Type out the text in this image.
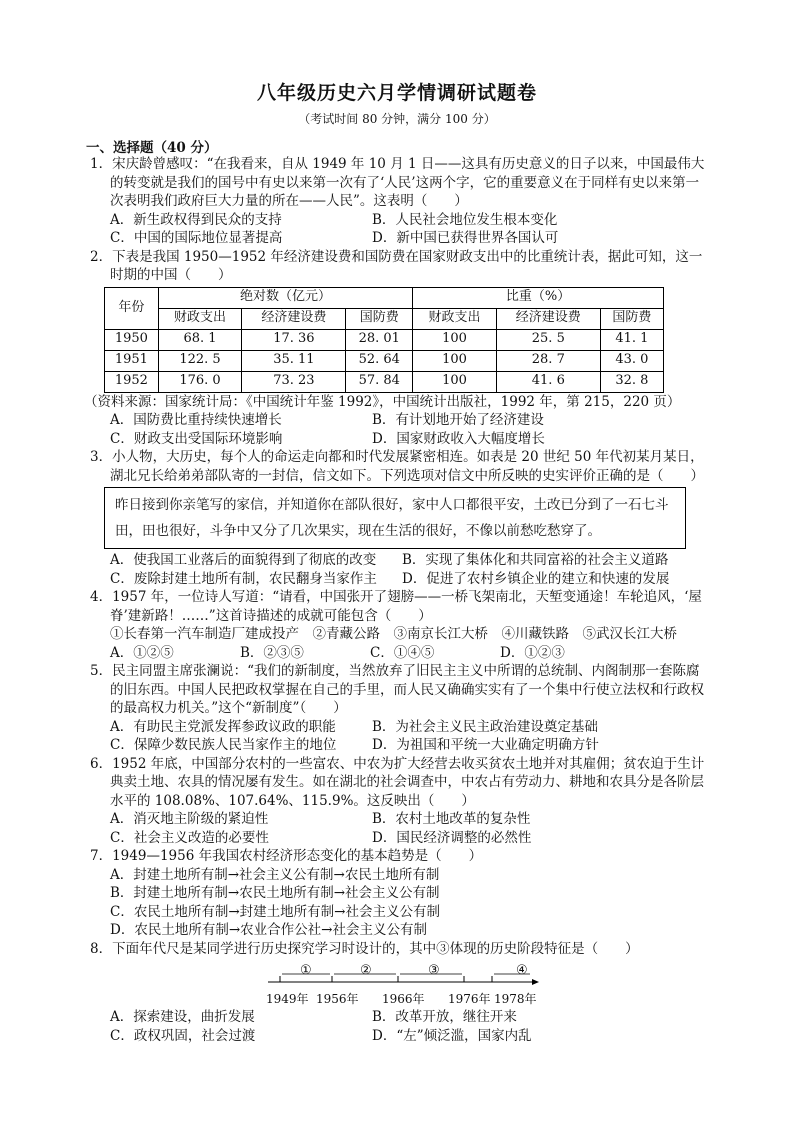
八年级历史六月学情调研试题卷
（考试时间 80 分钟，满分 100 分）
一、选择题（40 分）
1．宋庆龄曾感叹：“在我看来，自从 1949 年 10 月 1 日——这具有历史意义的日子以来，中国最伟大的转变就是我们的国号中有史以来第一次有了‘人民’这两个字，它的重要意义在于同样有史以来第一次表明我们政府巨大力量的所在——人民”。这表明（　　）
A．新生政权得到民众的支持	B．人民社会地位发生根本变化
C．中国的国际地位显著提高	D．新中国已获得世界各国认可
2．下表是我国 1950—1952 年经济建设费和国防费在国家财政支出中的比重统计表，据此可知，这一时期的中国（　　）
年份	绝对数（亿元）			比重（%）		
	财政支出	经济建设费	国防费	财政支出	经济建设费	国防费
1950	68. 1	17. 36	28. 01	100	25. 5	41. 1
1951	122. 5	35. 11	52. 64	100	28. 7	43. 0
1952	176. 0	73. 23	57. 84	100	41. 6	32. 8
（资料来源：国家统计局：《中国统计年鉴 1992》，中国统计出版社，1992 年，第 215，220 页）
A．国防费比重持续快速增长	B．有计划地开始了经济建设
C．财政支出受国际环境影响	D．国家财政收入大幅度增长
3．小人物，大历史，每个人的命运走向都和时代发展紧密相连。如表是 20 世纪 50 年代初某月某日，湖北兄长给弟弟部队寄的一封信，信文如下。下列选项对信文中所反映的史实评价正确的是（　　）
昨日接到你亲笔写的家信，并知道你在部队很好，家中人口都很平安，土改已分到了一石七斗田，田也很好，斗争中又分了几次果实，现在生活的很好，不像以前愁吃愁穿了。
A．使我国工业落后的面貌得到了彻底的改变	B．实现了集体化和共同富裕的社会主义道路
C．废除封建土地所有制，农民翻身当家作主	D．促进了农村乡镇企业的建立和快速的发展
4．1957 年，一位诗人写道：“请看，中国张开了翅膀——一桥飞架南北，天堑变通途！车轮追风，‘屋脊’建新路！……”这首诗描述的成就可能包含（　　）
①长春第一汽车制造厂建成投产　②青藏公路　③南京长江大桥　④川藏铁路　⑤武汉长江大桥
A．①②⑤	B．②③⑤	C．①④⑤	D．①②③
5．民主同盟主席张澜说：“我们的新制度，当然放弃了旧民主主义中所谓的总统制、内阁制那一套陈腐的旧东西。中国人民把政权掌握在自己的手里，而人民又确确实实有了一个集中行使立法权和行政权的最高权力机关。”这个“新制度”（　　）
A．有助民主党派发挥参政议政的职能	B．为社会主义民主政治建设奠定基础
C．保障少数民族人民当家作主的地位	D．为祖国和平统一大业确定明确方针
6．1952 年底，中国部分农村的一些富农、中农为扩大经营去收买贫农土地并对其雇佣；贫农迫于生计典卖土地、农具的情况屡有发生。如在湖北的社会调查中，中农占有劳动力、耕地和农具分是各阶层水平的 108.08%、107.64%、115.9%。这反映出（　　）
A．消灭地主阶级的紧迫性	B．农村土地改革的复杂性
C．社会主义改造的必要性	D．国民经济调整的必然性
7．1949—1956 年我国农村经济形态变化的基本趋势是（　　）
A．封建土地所有制→社会主义公有制→农民土地所有制
B．封建土地所有制→农民土地所有制→社会主义公有制
C．农民土地所有制→封建土地所有制→社会主义公有制
D．农民土地所有制→农业合作公社→社会主义公有制
8．下面年代尺是某同学进行历史探究学习时设计的，其中③体现的历史阶段特征是（　　）
①	②	③	④
1949年 1956年 1966年 1976年 1978年
A．探索建设，曲折发展	B．改革开放，继往开来
C．政权巩固，社会过渡	D．“左”倾泛滥，国家内乱
